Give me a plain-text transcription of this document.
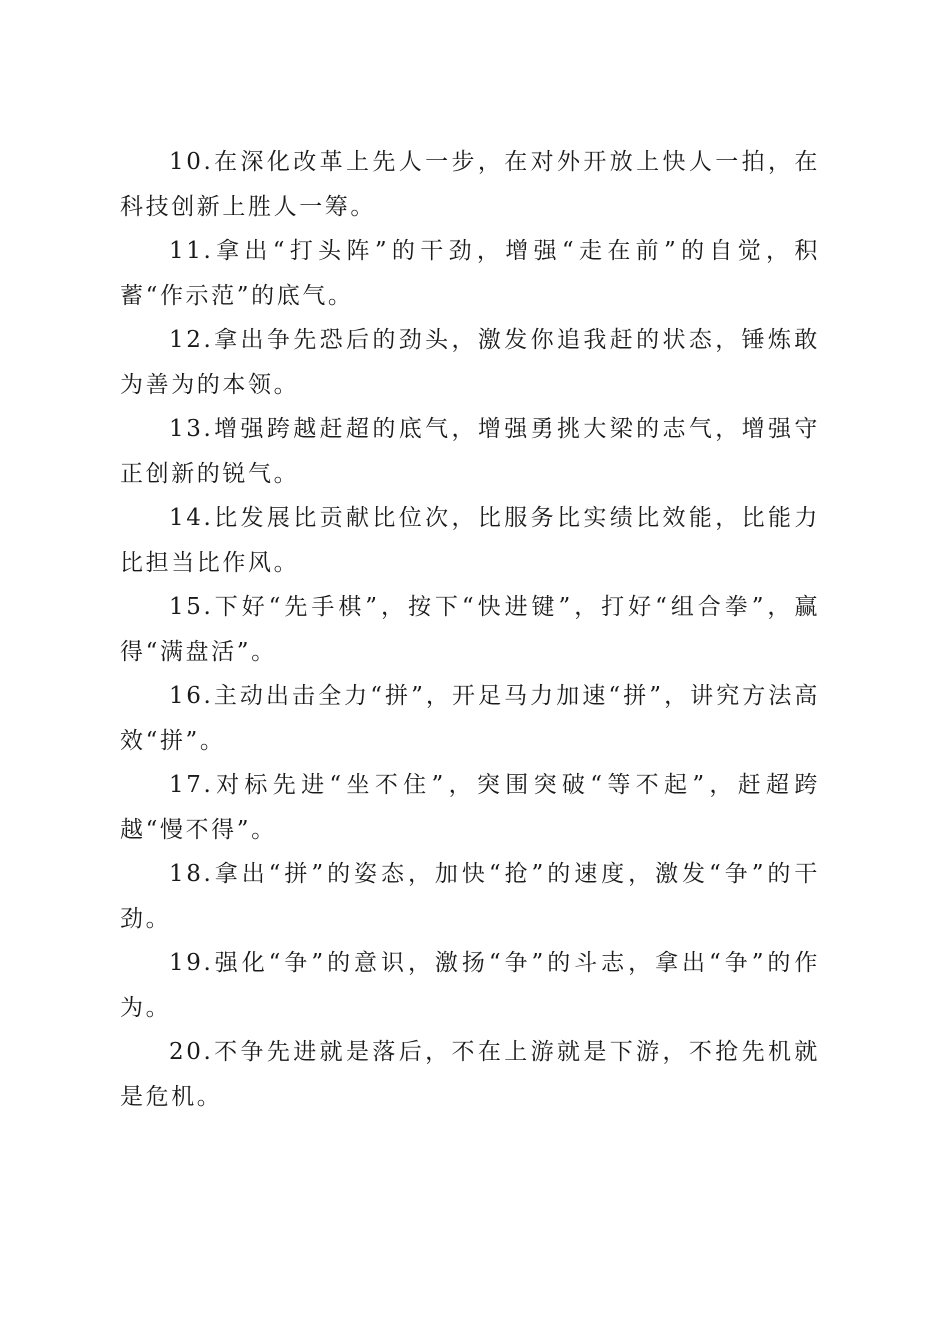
10.在深化改革上先人一步，在对外开放上快人一拍，在科技创新上胜人一筹。

11.拿出“打头阵”的干劲，增强“走在前”的自觉，积蓄“作示范”的底气。

12.拿出争先恐后的劲头，激发你追我赶的状态，锤炼敢为善为的本领。

13.增强跨越赶超的底气，增强勇挑大梁的志气，增强守正创新的锐气。

14.比发展比贡献比位次，比服务比实绩比效能，比能力比担当比作风。

15.下好“先手棋”，按下“快进键”，打好“组合拳”，赢得“满盘活”。

16.主动出击全力“拼”，开足马力加速“拼”，讲究方法高效“拼”。

17.对标先进“坐不住”，突围突破“等不起”，赶超跨越“慢不得”。

18.拿出“拼”的姿态，加快“抢”的速度，激发“争”的干劲。

19.强化“争”的意识，激扬“争”的斗志，拿出“争”的作为。

20.不争先进就是落后，不在上游就是下游，不抢先机就是危机。
